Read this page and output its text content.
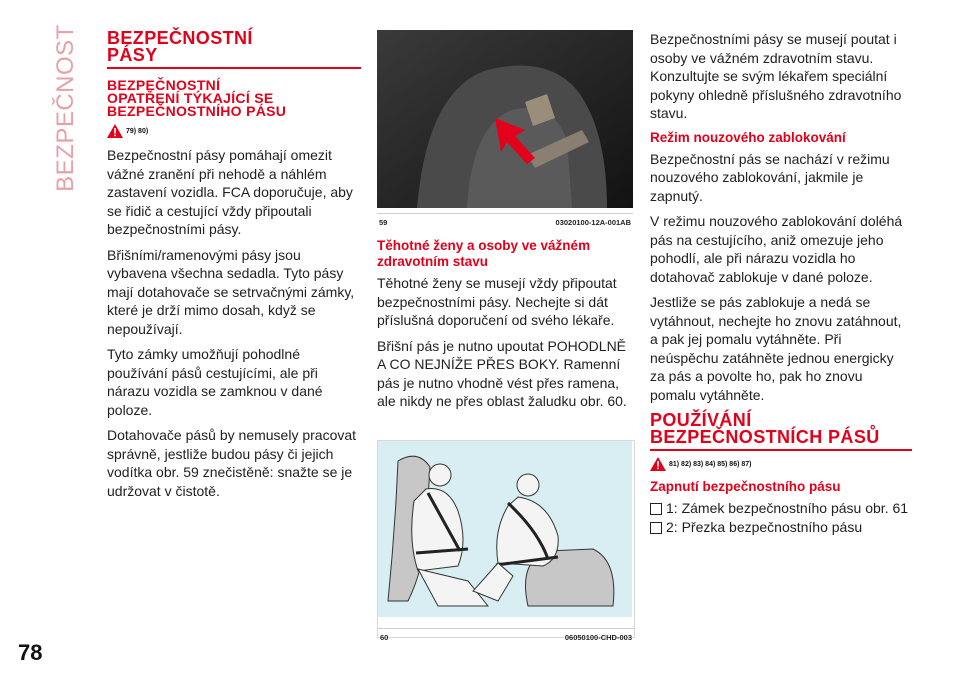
BEZPEČNOST
78
BEZPEČNOSTNÍ PÁSY
BEZPEČNOSTNÍ
OPATŘENÍ TÝKAJÍCÍ SE
BEZPEČNOSTNÍHO PÁSU
79) 80)

Bezpečnostní pásy pomáhají omezit vážné zranění při nehodě a náhlém zastavení vozidla. FCA doporučuje, aby se řidič a cestující vždy připoutali bezpečnostními pásy.

Břišními/ramenovými pásy jsou vybavena všechna sedadla. Tyto pásy mají dotahovače se setrvačnými zámky, které je drží mimo dosah, když se nepoužívají.

Tyto zámky umožňují pohodlné používání pásů cestujícími, ale při nárazu vozidla se zamknou v dané poloze.

Dotahovače pásů by nemusely pracovat správně, jestliže budou pásy či jejich vodítka obr. 59 znečistěně: snažte se je udržovat v čistotě.

59	03020100-12A-001AB
Těhotné ženy a osoby ve vážném zdravotním stavu

Těhotné ženy se musejí vždy připoutat bezpečnostními pásy. Nechejte si dát příslušná doporučení od svého lékaře.

Břišní pás je nutno upoutat POHODLNĚ A CO NEJNÍŽE PŘES BOKY. Ramenní pás je nutno vhodně vést přes ramena, ale nikdy ne přes oblast žaludku obr. 60.

60	06050100-CHD-003

Bezpečnostními pásy se musejí poutat i osoby ve vážném zdravotním stavu. Konzultujte se svým lékařem speciální pokyny ohledně příslušného zdravotního stavu.

Režim nouzového zablokování

Bezpečnostní pás se nachází v režimu nouzového zablokování, jakmile je zapnutý.

V režimu nouzového zablokování doléhá pás na cestujícího, aniž omezuje jeho pohodlí, ale při nárazu vozidla ho dotahovač zablokuje v dané poloze.

Jestliže se pás zablokuje a nedá se vytáhnout, nechejte ho znovu zatáhnout, a pak jej pomalu vytáhněte. Při neúspěchu zatáhněte jednou energicky za pás a povolte ho, pak ho znovu pomalu vytáhněte.

POUŽÍVÁNÍ
BEZPEČNOSTNÍCH PÁSŮ
81) 82) 83) 84) 85) 86) 87)
Zapnutí bezpečnostního pásu
1: Zámek bezpečnostního pásu obr. 61
2: Přezka bezpečnostního pásu
